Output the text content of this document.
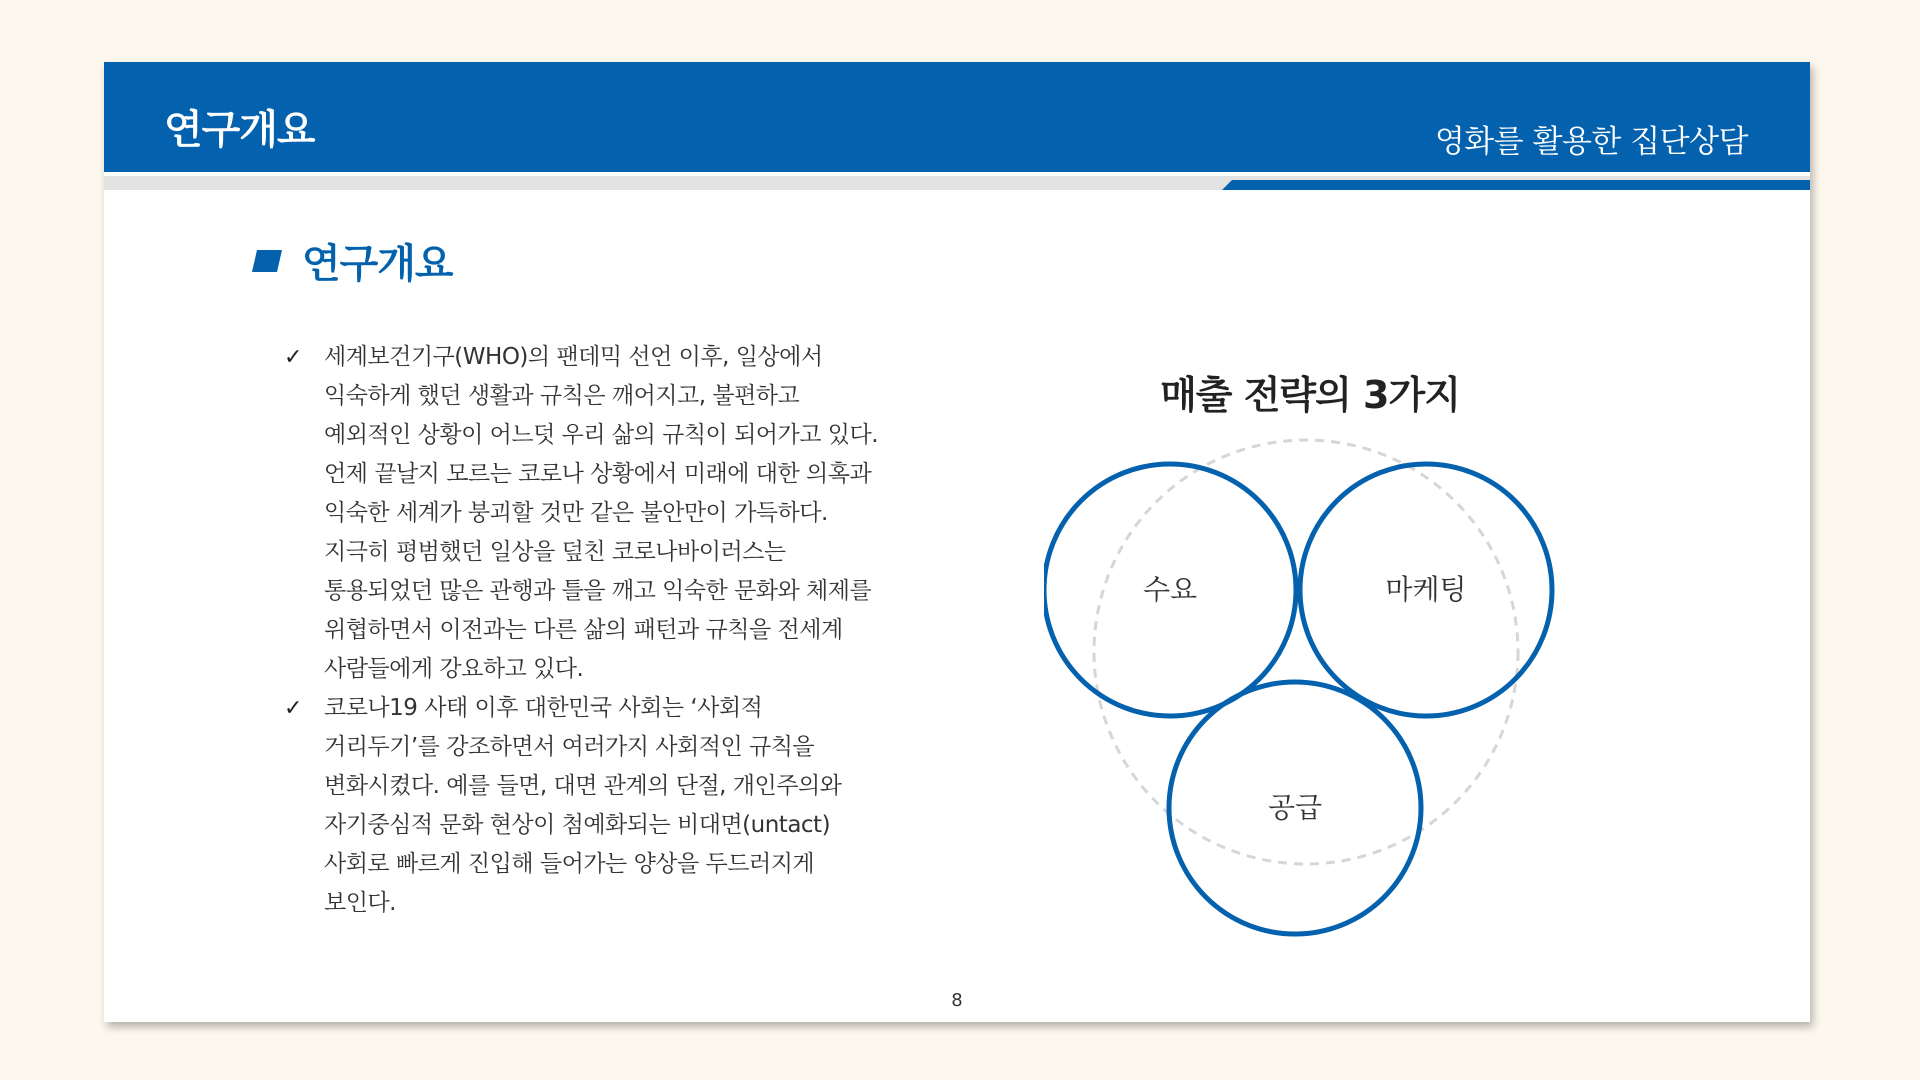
연구개요	영화를 활용한 집단상담
연구개요
✓ 세계보건기구(WHO)의 팬데믹 선언 이후, 일상에서 익숙하게 했던 생활과 규칙은 깨어지고, 불편하고 예외적인 상황이 어느덧 우리 삶의 규칙이 되어가고 있다. 언제 끝날지 모르는 코로나 상황에서 미래에 대한 의혹과 익숙한 세계가 붕괴할 것만 같은 불안만이 가득하다. 지극히 평범했던 일상을 덮친 코로나바이러스는 통용되었던 많은 관행과 틀을 깨고 익숙한 문화와 체제를 위협하면서 이전과는 다른 삶의 패턴과 규칙을 전세계 사람들에게 강요하고 있다.
✓ 코로나19 사태 이후 대한민국 사회는 ‘사회적 거리두기’를 강조하면서 여러가지 사회적인 규칙을 변화시켰다. 예를 들면, 대면 관계의 단절, 개인주의와 자기중심적 문화 현상이 첨예화되는 비대면(untact) 사회로 빠르게 진입해 들어가는 양상을 두드러지게 보인다.
매출 전략의 3가지
수요	마케팅
공급
8
